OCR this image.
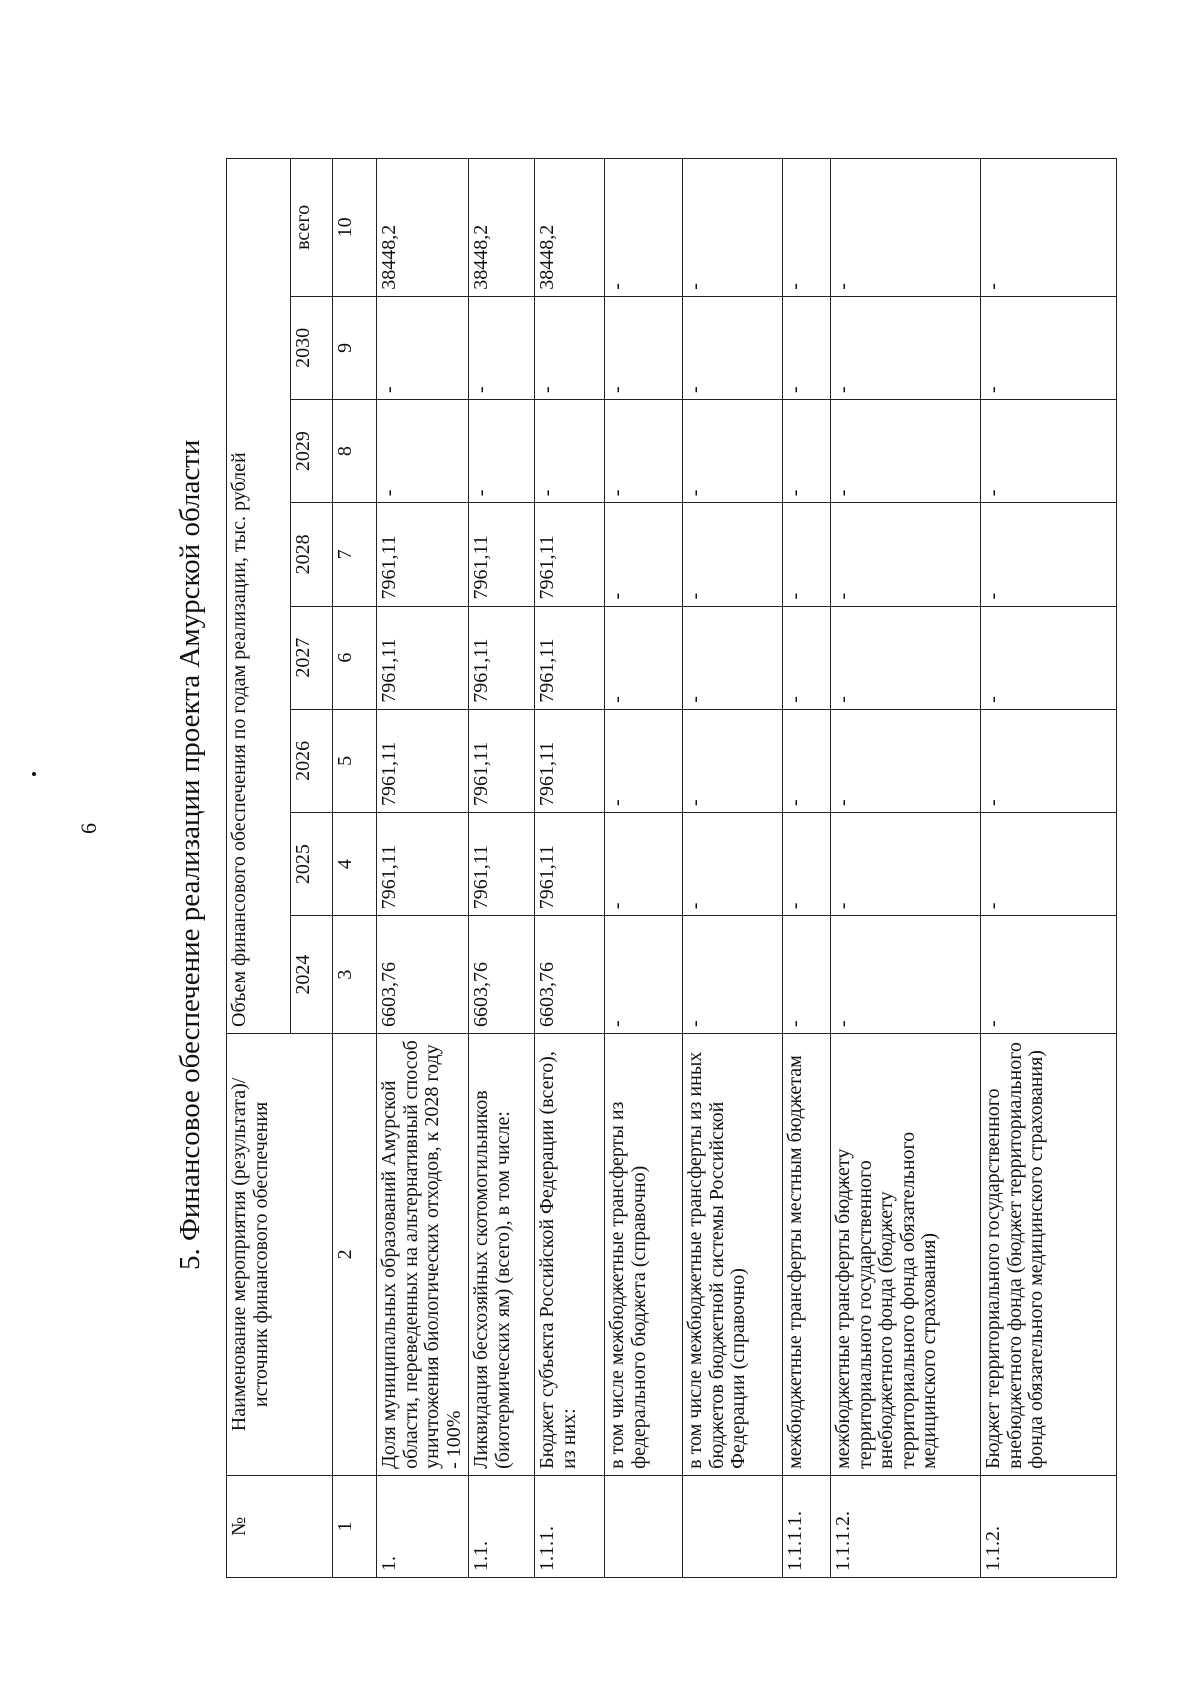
6	5. Финансовое обеспечение реализации проекта Амурской области
№	Наименование мероприятия (результата)/источник финансового обеспечения	Объем финансового обеспечения по годам реализации, тыс. рублей							
		2024	2025	2026	2027	2028	2029	2030	всего
1	2	3	4	5	6	7	8	9	10
1.	Доля муниципальных образований Амурской области, переведенных на альтернативный способ уничтожения биологических отходов, к 2028 году - 100%	6603,76	7961,11	7961,11	7961,11	7961,11	-	-	38448,2
1.1.	Ликвидация бесхозяйных скотомогильников (биотермических ям) (всего), в том числе:	6603,76	7961,11	7961,11	7961,11	7961,11	-	-	38448,2
1.1.1.	Бюджет субъекта Российской Федерации (всего), из них:	6603,76	7961,11	7961,11	7961,11	7961,11	-	-	38448,2
	в том числе межбюджетные трансферты из федерального бюджета (справочно)	-	-	-	-	-	-	-	-
	в том числе межбюджетные трансферты из иных бюджетов бюджетной системы Российской Федерации (справочно)	-	-	-	-	-	-	-	-
1.1.1.1.	межбюджетные трансферты местным бюджетам	-	-	-	-	-	-	-	-
1.1.1.2.	межбюджетные трансферты бюджету территориального государственного внебюджетного фонда (бюджету территориального фонда обязательного медицинского страхования)	-	-	-	-	-	-	-	-
1.1.2.	Бюджет территориального государственного внебюджетного фонда (бюджет территориального фонда обязательного медицинского страхования)	-	-	-	-	-	-	-	-
